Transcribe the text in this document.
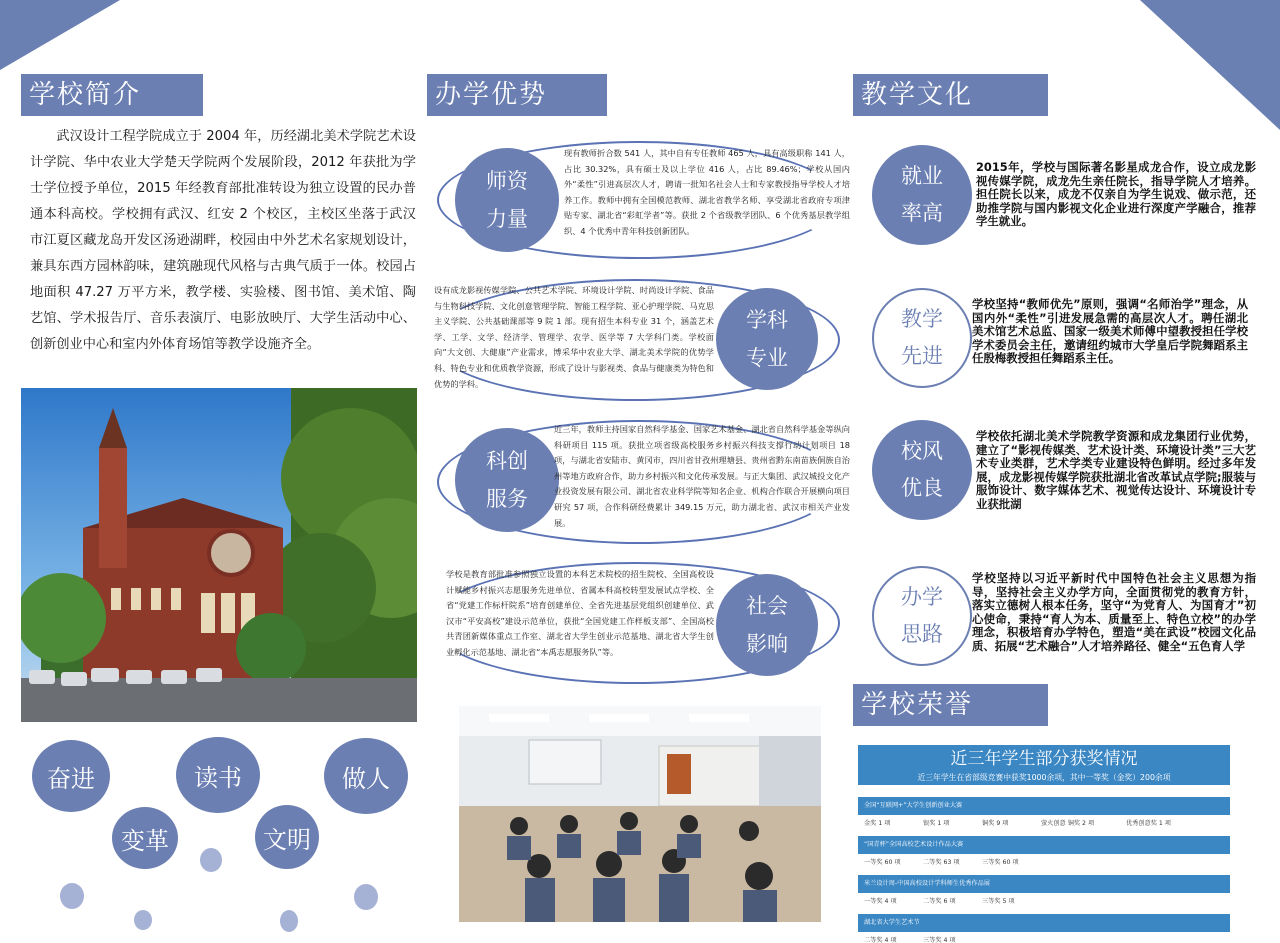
学校简介

武汉设计工程学院成立于 2004 年，历经湖北美术学院艺术设计学院、华中农业大学楚天学院两个发展阶段，2012 年获批为学士学位授予单位，2015 年经教育部批准转设为独立设置的民办普通本科高校。学校拥有武汉、红安 2 个校区，主校区坐落于武汉市江夏区藏龙岛开发区汤逊湖畔，校园由中外艺术名家规划设计，兼具东西方园林韵味，建筑融现代风格与古典气质于一体。校园占地面积 47.27 万平方米，教学楼、实验楼、图书馆、美术馆、陶艺馆、学术报告厅、音乐表演厅、电影放映厅、大学生活动中心、创新创业中心和室内外体育场馆等教学设施齐全。

奋进	读书	做人
变革	文明
办学优势
师资
力量
现有教师折合数 541 人，其中自有专任教师 465 人，具有高级职称 141 人，占比 30.32%，具有硕士及以上学位 416 人，占比 89.46%；学校从国内外“柔性”引进高层次人才，聘请一批知名社会人士和专家教授指导学校人才培养工作。教师中拥有全国模范教师、湖北省教学名师、享受湖北省政府专项津贴专家、湖北省“彩虹学者”等。获批 2 个省级教学团队、6 个优秀基层教学组织、4 个优秀中青年科技创新团队。
学科
专业
设有成龙影视传媒学院、公共艺术学院、环境设计学院、时尚设计学院、食品与生物科技学院、文化创意管理学院、智能工程学院、亚心护理学院、马克思主义学院、公共基础课部等 9 院 1 部。现有招生本科专业 31 个，涵盖艺术学、工学、文学、经济学、管理学、农学、医学等 7 大学科门类。学校面向“大文创、大健康”产业需求，博采华中农业大学、湖北美术学院的优势学科、特色专业和优质教学资源，形成了设计与影视类、食品与健康类为特色和优势的学科。
科创
服务
近三年，教师主持国家自然科学基金、国家艺术基金、湖北省自然科学基金等纵向科研项目 115 项。获批立项省级高校服务乡村振兴科技支撑行动计划项目 18 项，与湖北省安陆市、黄冈市，四川省甘孜州理塘县、贵州省黔东南苗族侗族自治州等地方政府合作，助力乡村振兴和文化传承发展。与正大集团、武汉城投文化产业投资发展有限公司、湖北省农业科学院等知名企业、机构合作联合开展横向项目研究 57 项，合作科研经费累计 349.15 万元，助力湖北省、武汉市相关产业发展。
社会
影响
学校是教育部批准参照独立设置的本科艺术院校的招生院校、全国高校设计赋能乡村振兴志愿服务先进单位、省属本科高校转型发展试点学校、全省“党建工作标杆院系”培育创建单位、全省先进基层党组织创建单位、武汉市“平安高校”建设示范单位，获批“全国党建工作样板支部”、全国高校共青团新媒体重点工作室、湖北省大学生创业示范基地、湖北省大学生创业孵化示范基地、湖北省“本禹志愿服务队”等。
教学文化
就业
率高
2015年，学校与国际著名影星成龙合作，设立成龙影视传媒学院，成龙先生亲任院长，指导学院人才培养。担任院长以来，成龙不仅亲自为学生说戏、做示范，还助推学院与国内影视文化企业进行深度产学融合，推荐学生就业。
教学
先进
学校坚持“教师优先”原则，强调“名师治学”理念，从国内外“柔性”引进发展急需的高层次人才。聘任湖北美术馆艺术总监、国家一级美术师傅中望教授担任学校学术委员会主任，邀请纽约城市大学皇后学院舞蹈系主任殷梅教授担任舞蹈系主任。
校风
优良
学校依托湖北美术学院教学资源和成龙集团行业优势，建立了“影视传媒类、艺术设计类、环境设计类”三大艺术专业类群，艺术学类专业建设特色鲜明。经过多年发展，成龙影视传媒学院获批湖北省改革试点学院;服装与服饰设计、数字媒体艺术、视觉传达设计、环境设计专业获批湖
办学
思路
学校坚持以习近平新时代中国特色社会主义思想为指导，坚持社会主义办学方向，全面贯彻党的教育方针，落实立德树人根本任务，坚守“为党育人、为国育才”初心使命，秉持“育人为本、质量至上、特色立校”的办学理念，积极培育办学特色，塑造“美在武设”校园文化品质、拓展“艺术融合”人才培养路径、健全“五色育人学
学校荣誉
近三年学生部分获奖情况
近三年学生在省部级竞赛中获奖1000余项，其中一等奖（金奖）200余项
全国“互联网+”大学生创新创业大赛
金奖 1 项	银奖 1 项	铜奖 9 项	萤火创意 铜奖 2 项	优秀创意奖 1 项
“国青杯”全国高校艺术设计作品大赛
一等奖 60 项	二等奖 63 项	三等奖 60 项
米兰设计周-中国高校设计学科师生优秀作品展
一等奖 4 项	二等奖 6 项	三等奖 5 项
湖北省大学生艺术节
二等奖 4 项	三等奖 4 项
